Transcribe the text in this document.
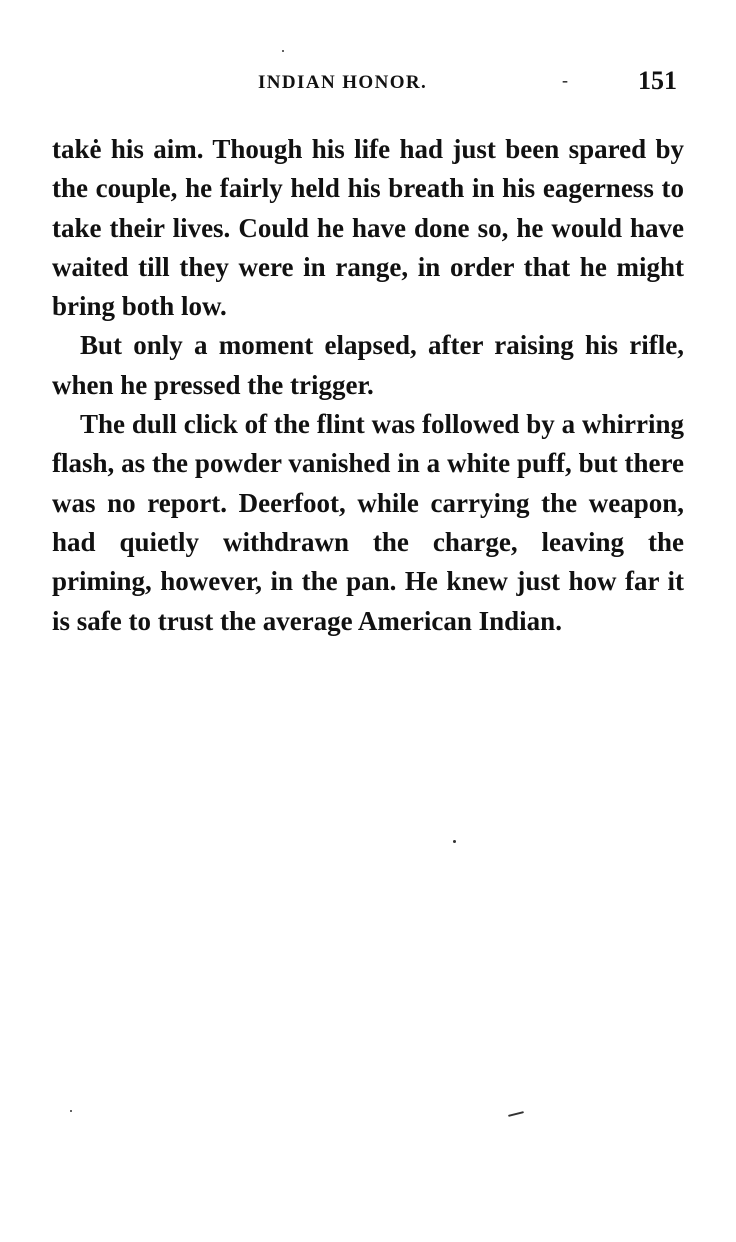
INDIAN HONOR.	-	151

takė his aim. Though his life had just been spared by the couple, he fairly held his breath in his eagerness to take their lives. Could he have done so, he would have waited till they were in range, in order that he might bring both low.

But only a moment elapsed, after raising his rifle, when he pressed the trigger.

The dull click of the flint was followed by a whirring flash, as the powder vanished in a white puff, but there was no report. Deerfoot, while carrying the weapon, had quietly withdrawn the charge, leaving the priming, however, in the pan. He knew just how far it is safe to trust the average American Indian.
